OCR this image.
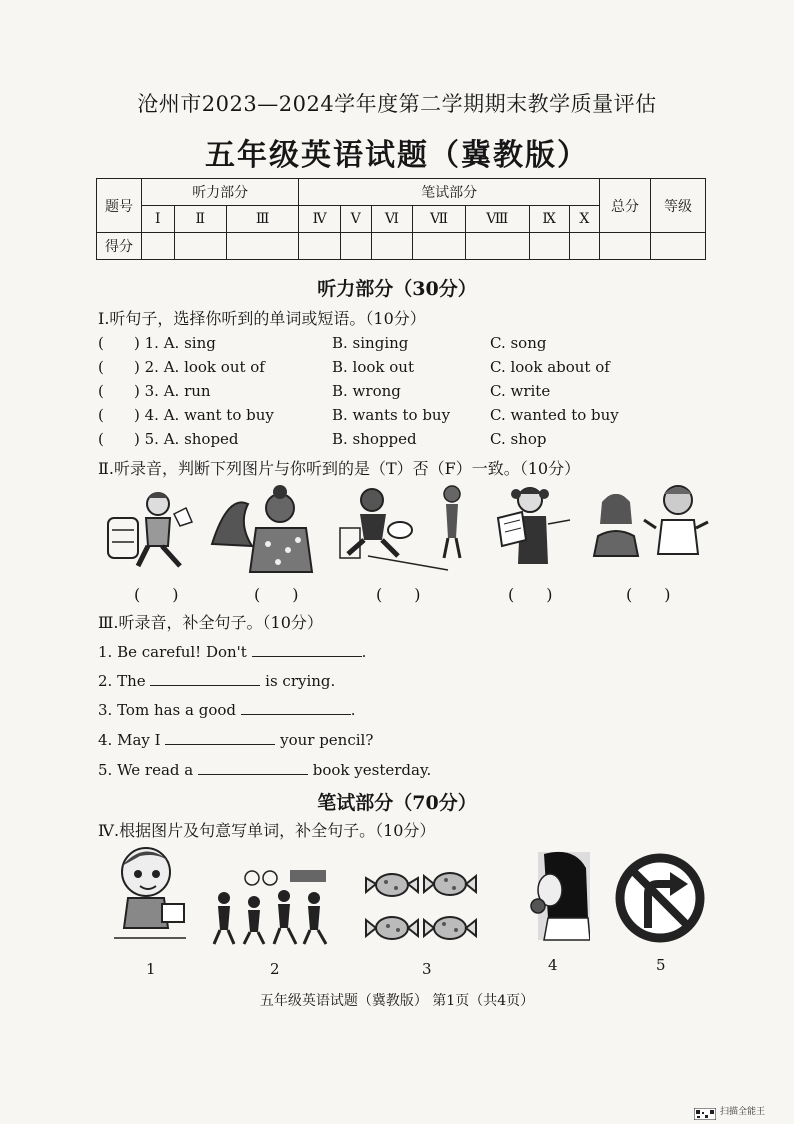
沧州市2023—2024学年度第二学期期末教学质量评估
五年级英语试题（冀教版）
题号	听力部分			笔试部分							总分	等级
	Ⅰ	Ⅱ	Ⅲ	Ⅳ	Ⅴ	Ⅵ	Ⅶ	Ⅷ	Ⅸ	Ⅹ		
得分												
听力部分（30分）
Ⅰ.听句子，选择你听到的单词或短语。（10分）
( ) 1. A. sing	B. singing	C. song
( ) 2. A. look out of	B. look out	C. look about of
( ) 3. A. run	B. wrong	C. write
( ) 4. A. want to buy	B. wants to buy	C. wanted to buy
( ) 5. A. shoped	B. shopped	C. shop
Ⅱ.听录音，判断下列图片与你听到的是（T）否（F）一致。（10分）
(　　)	(　　)	(　　)	(　　)	(　　)
Ⅲ.听录音，补全句子。（10分）
1. Be careful! Don't	.
2. The	is crying.
3. Tom has a good	.
4. May I	your pencil?
5. We read a	book yesterday.
笔试部分（70分）
Ⅳ.根据图片及句意写单词，补全句子。（10分）
1	2	3	4	5
五年级英语试题（冀教版） 第1页（共4页）
扫描全能王
